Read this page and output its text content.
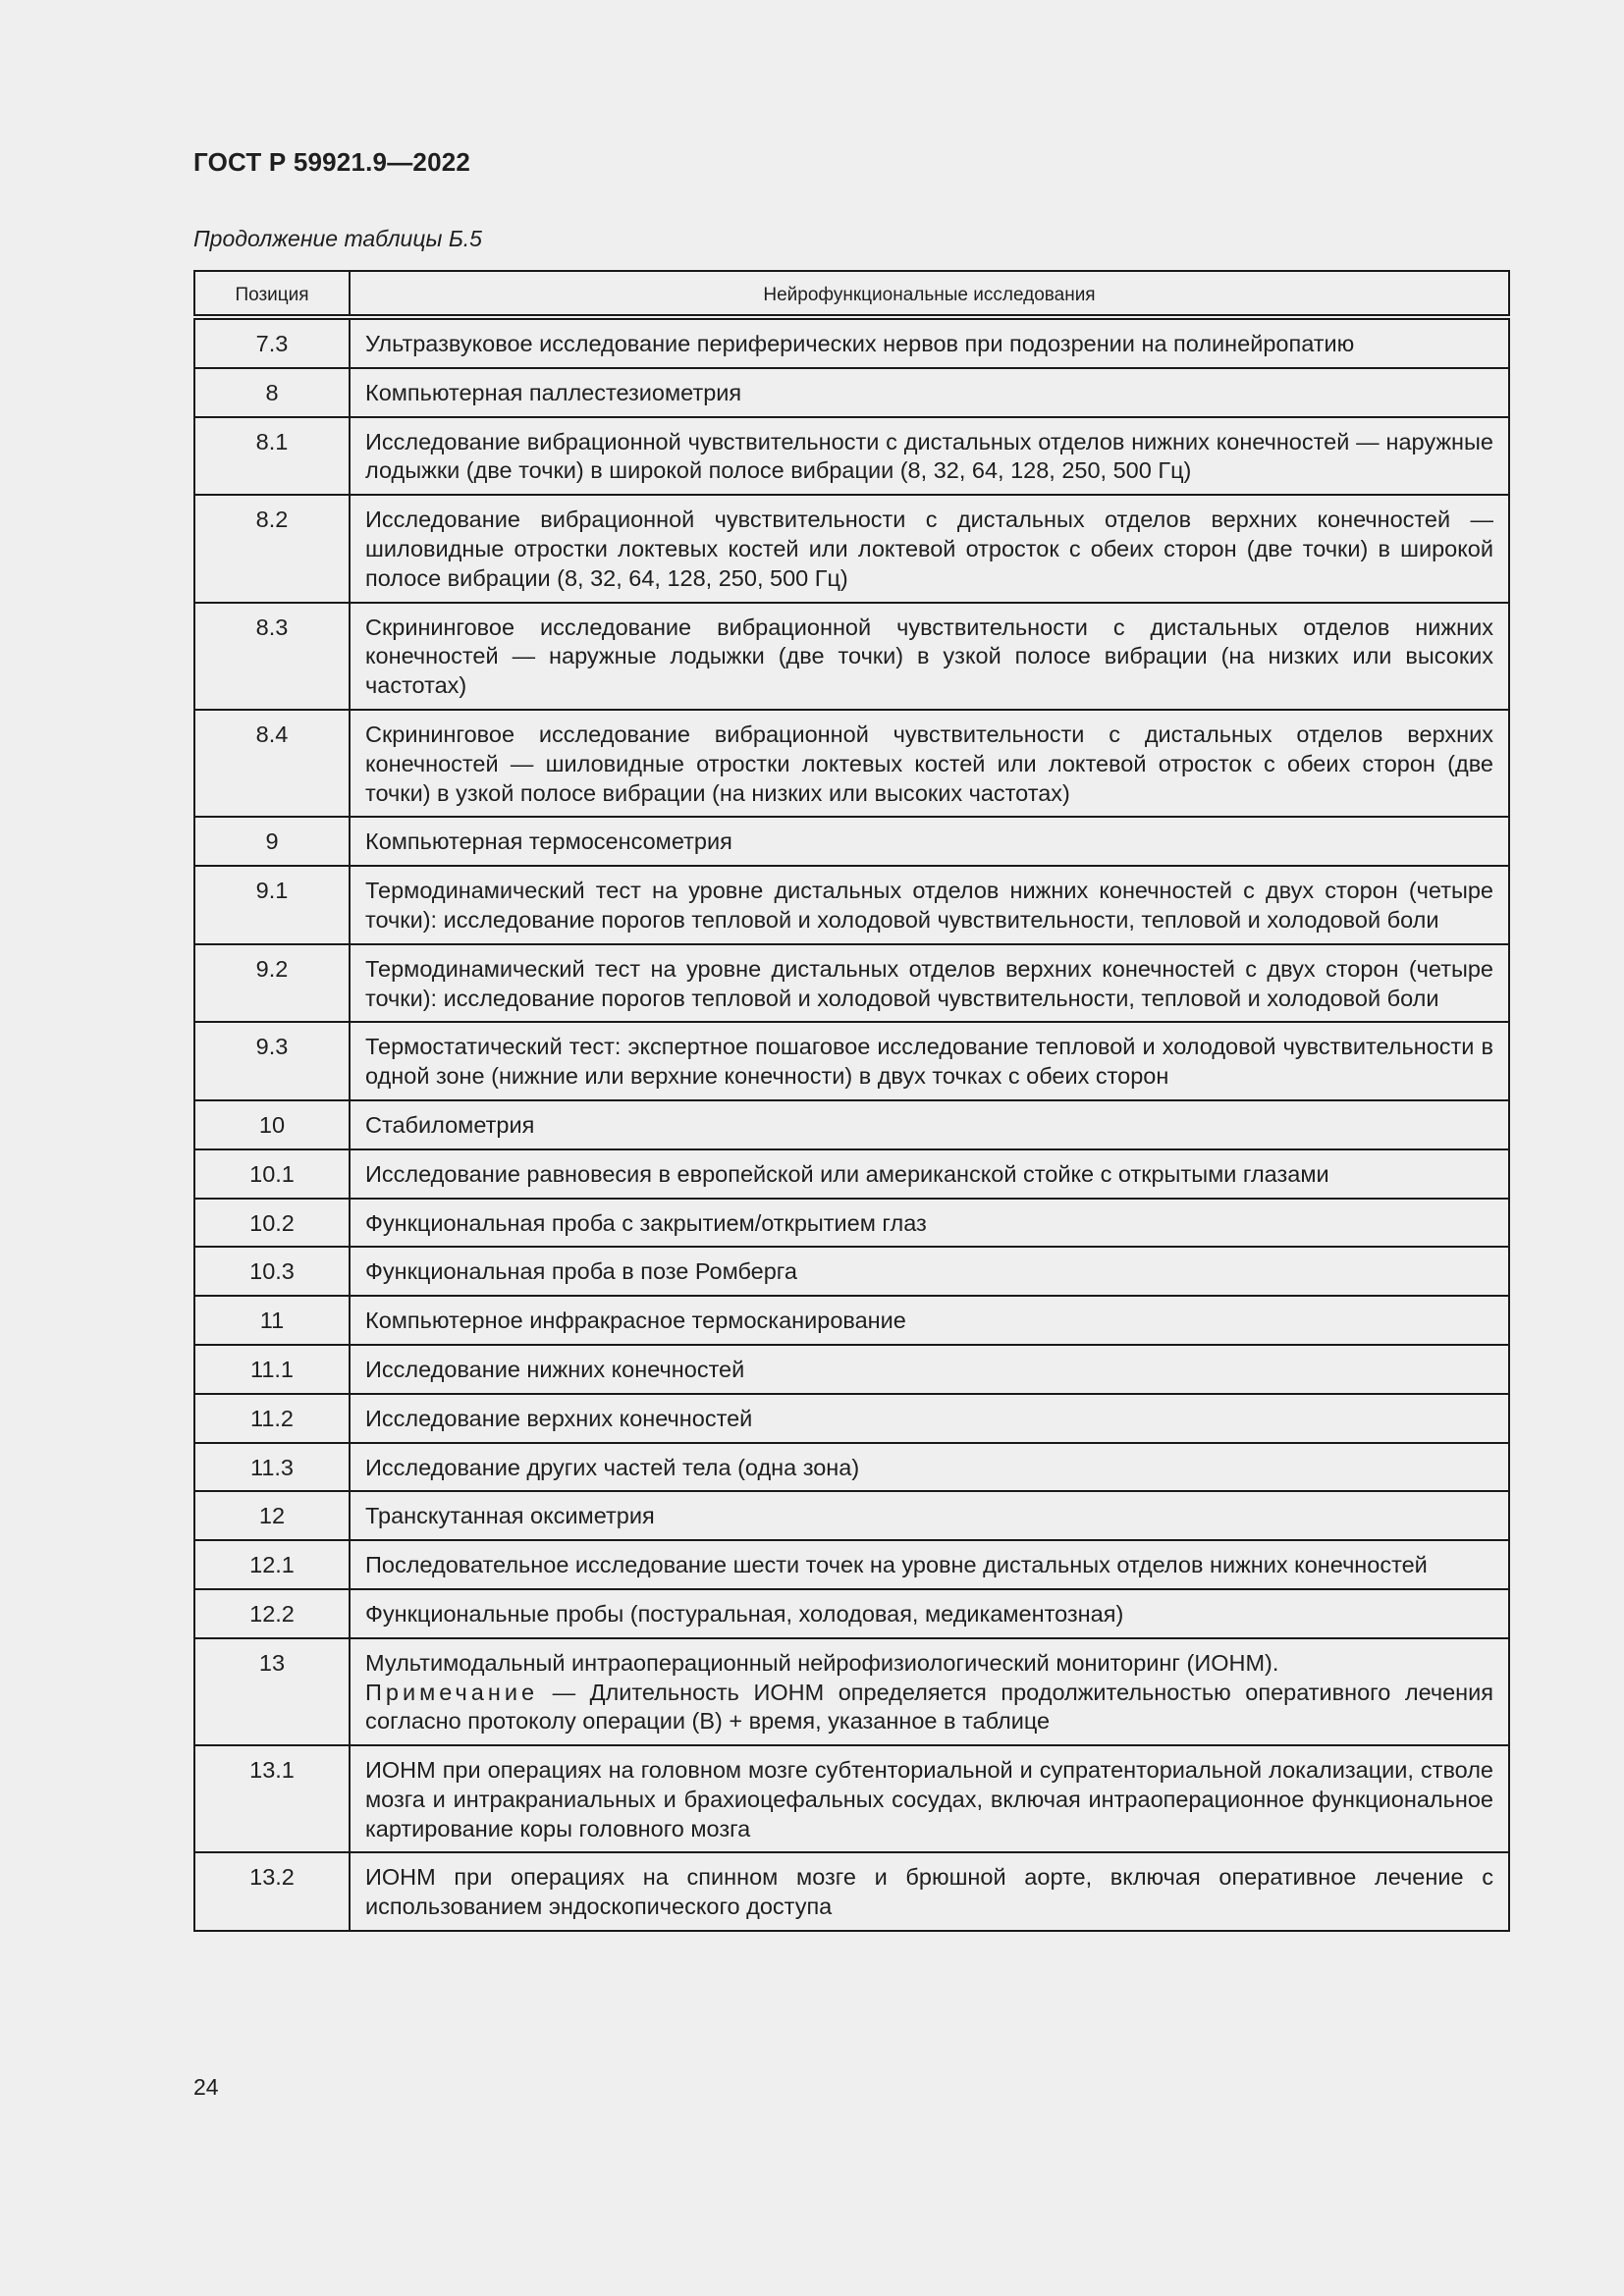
ГОСТ Р 59921.9—2022
Продолжение таблицы Б.5
Позиция	Нейрофункциональные исследования
7.3	Ультразвуковое исследование периферических нервов при подозрении на полинейропатию
8	Компьютерная паллестезиометрия
8.1	Исследование вибрационной чувствительности с дистальных отделов нижних конечностей — наружные лодыжки (две точки) в широкой полосе вибрации (8, 32, 64, 128, 250, 500 Гц)
8.2	Исследование вибрационной чувствительности с дистальных отделов верхних конечностей — шиловидные отростки локтевых костей или локтевой отросток с обеих сторон (две точки) в широкой полосе вибрации (8, 32, 64, 128, 250, 500 Гц)
8.3	Скрининговое исследование вибрационной чувствительности с дистальных отделов нижних конечностей — наружные лодыжки (две точки) в узкой полосе вибрации (на низких или высоких частотах)
8.4	Скрининговое исследование вибрационной чувствительности с дистальных отделов верхних конечностей — шиловидные отростки локтевых костей или локтевой отросток с обеих сторон (две точки) в узкой полосе вибрации (на низких или высоких частотах)
9	Компьютерная термосенсометрия
9.1	Термодинамический тест на уровне дистальных отделов нижних конечностей с двух сторон (четыре точки): исследование порогов тепловой и холодовой чувствительности, тепловой и холодовой боли
9.2	Термодинамический тест на уровне дистальных отделов верхних конечностей с двух сторон (четыре точки): исследование порогов тепловой и холодовой чувствительности, тепловой и холодовой боли
9.3	Термостатический тест: экспертное пошаговое исследование тепловой и холодовой чувствительности в одной зоне (нижние или верхние конечности) в двух точках с обеих сторон
10	Стабилометрия
10.1	Исследование равновесия в европейской или американской стойке с открытыми глазами
10.2	Функциональная проба с закрытием/открытием глаз
10.3	Функциональная проба в позе Ромберга
11	Компьютерное инфракрасное термосканирование
11.1	Исследование нижних конечностей
11.2	Исследование верхних конечностей
11.3	Исследование других частей тела (одна зона)
12	Транскутанная оксиметрия
12.1	Последовательное исследование шести точек на уровне дистальных отделов нижних конечностей
12.2	Функциональные пробы (постуральная, холодовая, медикаментозная)
13	Мультимодальный интраоперационный нейрофизиологический мониторинг (ИОНМ).
Примечание — Длительность ИОНМ определяется продолжительностью оперативного лечения согласно протоколу операции (В) + время, указанное в таблице
13.1	ИОНМ при операциях на головном мозге субтенториальной и супратенториальной локализации, стволе мозга и интракраниальных и брахиоцефальных сосудах, включая интраоперационное функциональное картирование коры головного мозга
13.2	ИОНМ при операциях на спинном мозге и брюшной аорте, включая оперативное лечение с использованием эндоскопического доступа
24
